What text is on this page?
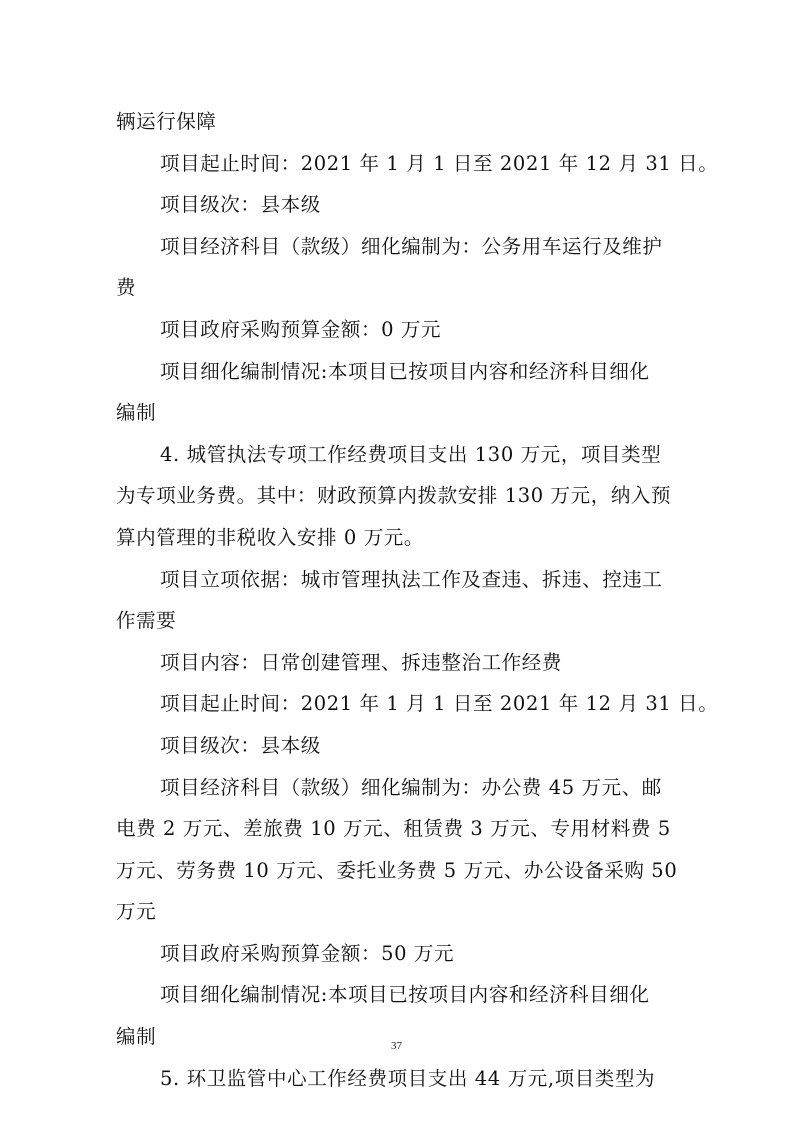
辆运行保障
项目起止时间：2021 年 1 月 1 日至 2021 年 12 月 31 日。
项目级次：县本级
项目经济科目（款级）细化编制为：公务用车运行及维护
费
项目政府采购预算金额：0 万元
项目细化编制情况:本项目已按项目内容和经济科目细化
编制
4. 城管执法专项工作经费项目支出 130 万元，项目类型
为专项业务费。其中：财政预算内拨款安排 130 万元，纳入预
算内管理的非税收入安排 0 万元。
项目立项依据：城市管理执法工作及查违、拆违、控违工
作需要
项目内容：日常创建管理、拆违整治工作经费
项目起止时间：2021 年 1 月 1 日至 2021 年 12 月 31 日。
项目级次：县本级
项目经济科目（款级）细化编制为：办公费 45 万元、邮
电费 2 万元、差旅费 10 万元、租赁费 3 万元、专用材料费 5
万元、劳务费 10 万元、委托业务费 5 万元、办公设备采购 50
万元
项目政府采购预算金额：50 万元
项目细化编制情况:本项目已按项目内容和经济科目细化
编制
5. 环卫监管中心工作经费项目支出 44 万元,项目类型为
37
